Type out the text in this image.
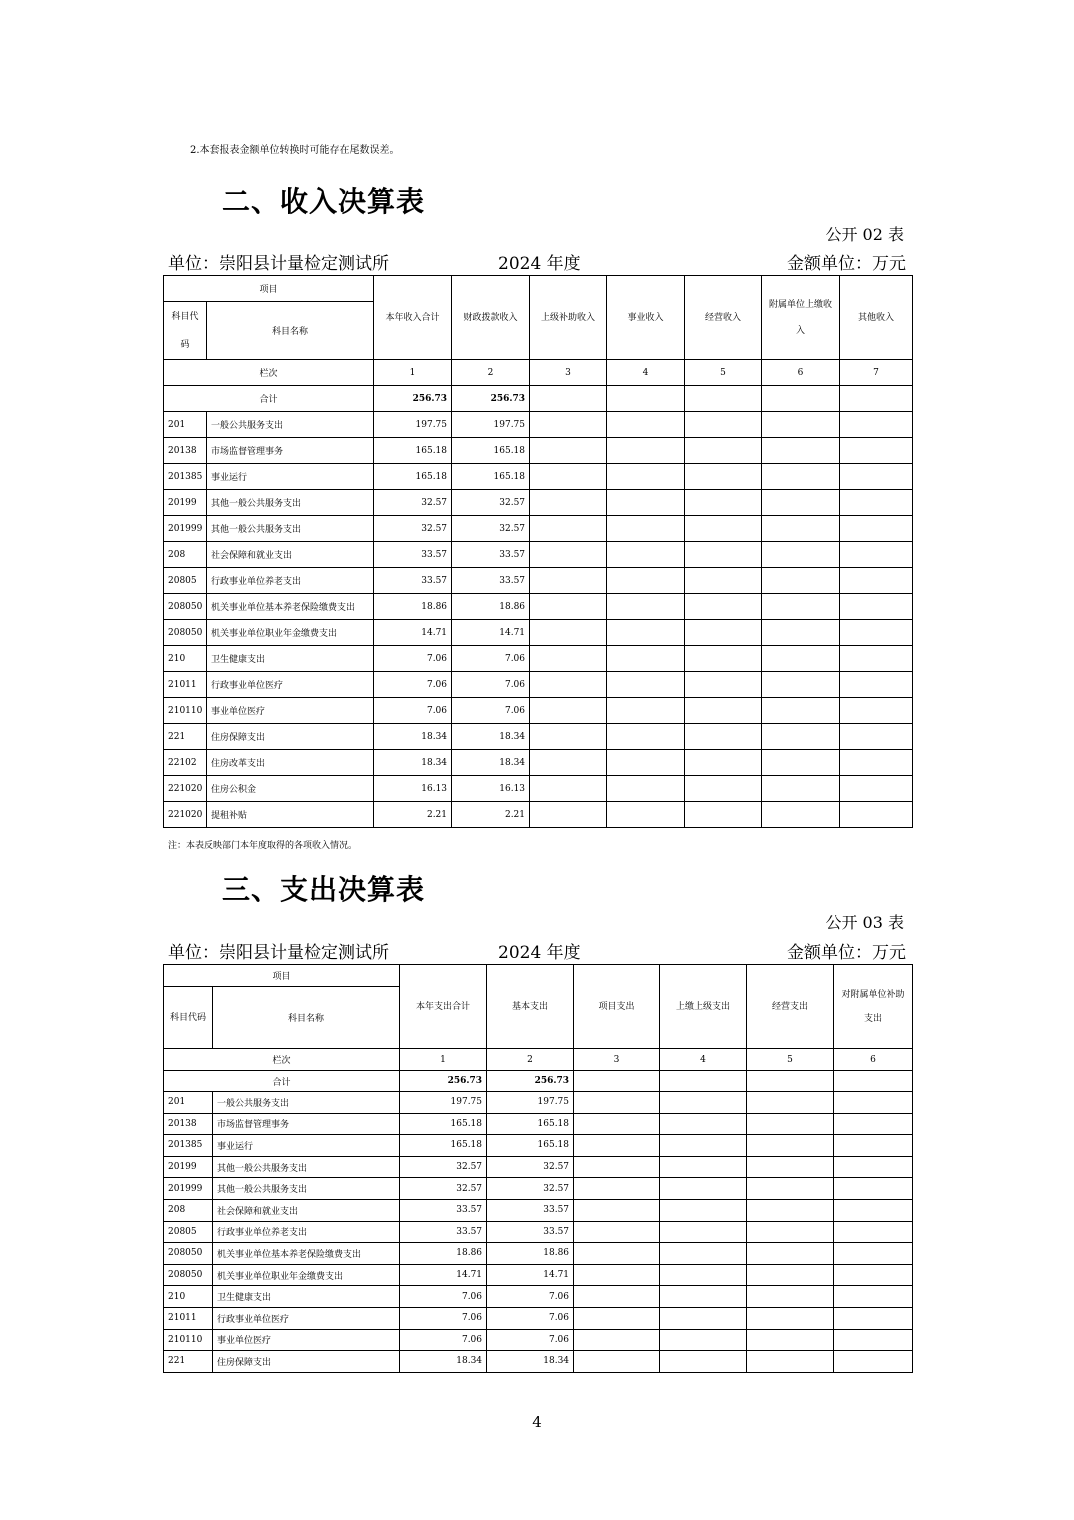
2.本套报表金额单位转换时可能存在尾数误差。
二、收入决算表
公开 02 表
单位：崇阳县计量检定测试所	2024 年度	金额单位：万元
项目		本年收入合计	财政拨款收入	上级补助收入	事业收入	经营收入	附属单位上缴收入	其他收入
科目代码	科目名称							
栏次		1	2	3	4	5	6	7
合计		256.73	256.73					
201	一般公共服务支出	197.75	197.75					
20138	市场监督管理事务	165.18	165.18					
201385	事业运行	165.18	165.18					
20199	其他一般公共服务支出	32.57	32.57					
201999	其他一般公共服务支出	32.57	32.57					
208	社会保障和就业支出	33.57	33.57					
20805	行政事业单位养老支出	33.57	33.57					
208050	机关事业单位基本养老保险缴费支出	18.86	18.86					
208050	机关事业单位职业年金缴费支出	14.71	14.71					
210	卫生健康支出	7.06	7.06					
21011	行政事业单位医疗	7.06	7.06					
210110	事业单位医疗	7.06	7.06					
221	住房保障支出	18.34	18.34					
22102	住房改革支出	18.34	18.34					
221020	住房公积金	16.13	16.13					
221020	提租补贴	2.21	2.21					
注：本表反映部门本年度取得的各项收入情况。
三、支出决算表
公开 03 表
单位：崇阳县计量检定测试所	2024 年度	金额单位：万元
项目		本年支出合计	基本支出	项目支出	上缴上级支出	经营支出	对附属单位补助支出
科目代码	科目名称						
栏次		1	2	3	4	5	6
合计		256.73	256.73				
201	一般公共服务支出	197.75	197.75				
20138	市场监督管理事务	165.18	165.18				
201385	事业运行	165.18	165.18				
20199	其他一般公共服务支出	32.57	32.57				
201999	其他一般公共服务支出	32.57	32.57				
208	社会保障和就业支出	33.57	33.57				
20805	行政事业单位养老支出	33.57	33.57				
208050	机关事业单位基本养老保险缴费支出	18.86	18.86				
208050	机关事业单位职业年金缴费支出	14.71	14.71				
210	卫生健康支出	7.06	7.06				
21011	行政事业单位医疗	7.06	7.06				
210110	事业单位医疗	7.06	7.06				
221	住房保障支出	18.34	18.34				
4
